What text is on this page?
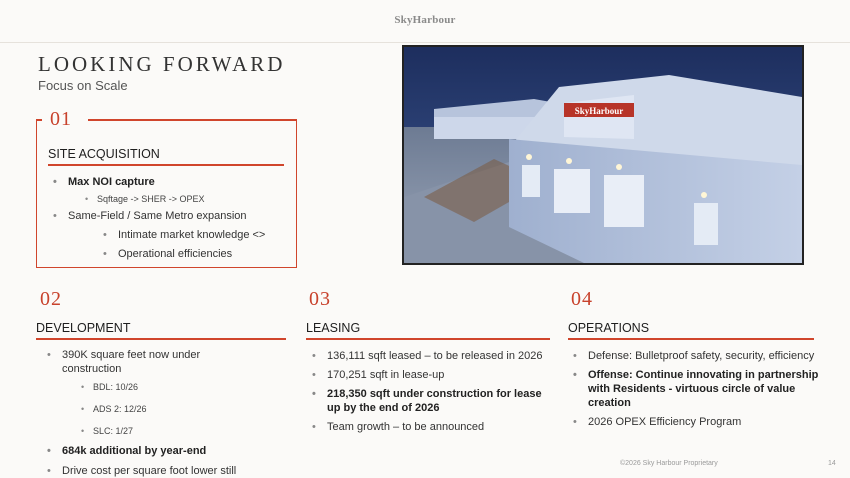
SkyHarbour
LOOKING FORWARD
Focus on Scale
01
SITE ACQUISITION
• Max NOI capture
• Sqftage -> SHER -> OPEX
• Same-Field / Same Metro expansion
• Intimate market knowledge <>
• Operational efficiencies
SkyHarbour
02
DEVELOPMENT
• 390K square feet now under construction
• BDL: 10/26
• ADS 2: 12/26
• SLC: 1/27
• 684k additional by year-end
• Drive cost per square foot lower still
03
LEASING
• 136,111 sqft leased – to be released in 2026
• 170,251 sqft in lease-up
• 218,350 sqft under construction for lease up by the end of 2026
• Team growth – to be announced
04
OPERATIONS
• Defense: Bulletproof safety, security, efficiency
• Offense: Continue innovating in partnership with Residents - virtuous circle of value creation
• 2026 OPEX Efficiency Program
©2026 Sky Harbour Proprietary	14
